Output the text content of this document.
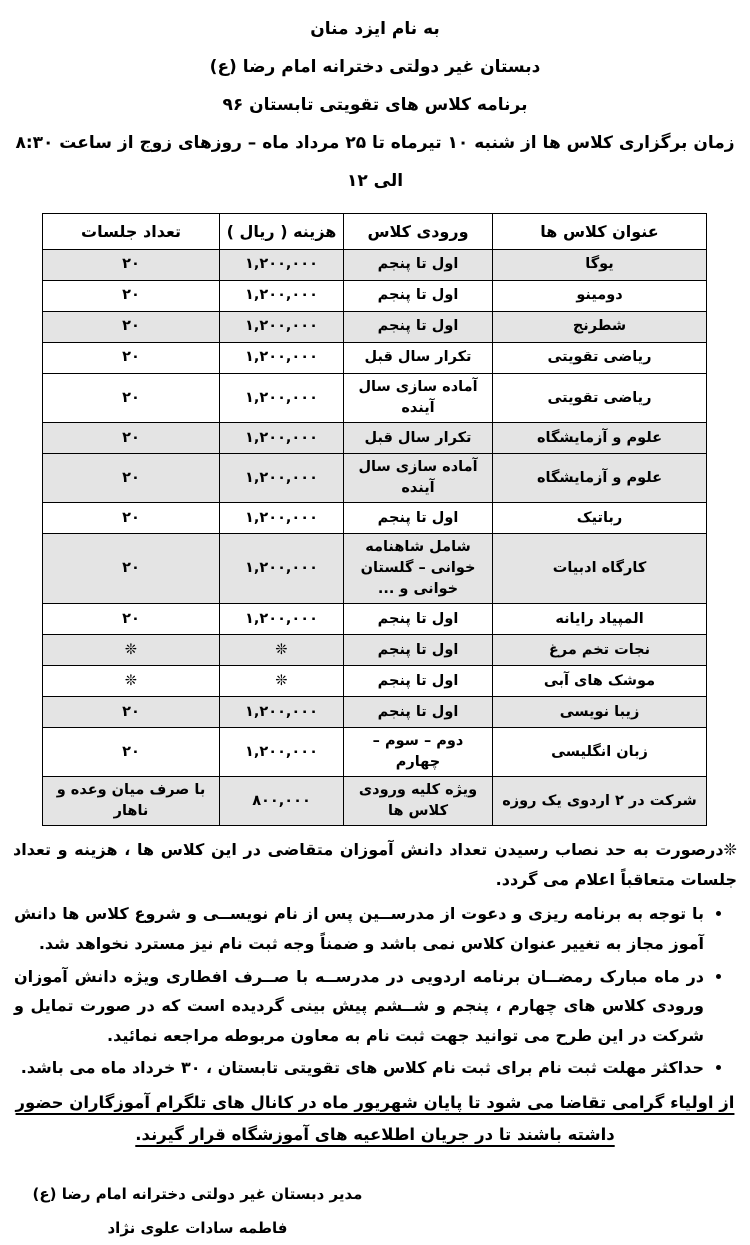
به نام ایزد منان
دبستان غیر دولتی دخترانه امام رضا (ع)
برنامه کلاس های تقویتی تابستان ۹۶
زمان برگزاری کلاس ها از شنبه ۱۰ تیرماه تا ۲۵ مرداد ماه – روزهای زوج از ساعت ۸:۳۰ الی ۱۲
عنوان کلاس ها	ورودی کلاس	هزینه ( ریال )	تعداد جلسات
یوگا	اول تا پنجم	۱,۲۰۰,۰۰۰	۲۰
دومینو	اول تا پنجم	۱,۲۰۰,۰۰۰	۲۰
شطرنج	اول تا پنجم	۱,۲۰۰,۰۰۰	۲۰
ریاضی تقویتی	تکرار سال قبل	۱,۲۰۰,۰۰۰	۲۰
ریاضی تقویتی	آماده سازی سال آینده	۱,۲۰۰,۰۰۰	۲۰
علوم و آزمایشگاه	تکرار سال قبل	۱,۲۰۰,۰۰۰	۲۰
علوم و آزمایشگاه	آماده سازی سال آینده	۱,۲۰۰,۰۰۰	۲۰
رباتیک	اول تا پنجم	۱,۲۰۰,۰۰۰	۲۰
کارگاه ادبیات	شامل شاهنامه خوانی – گلستان خوانی و ...	۱,۲۰۰,۰۰۰	۲۰
المپیاد رایانه	اول تا پنجم	۱,۲۰۰,۰۰۰	۲۰
نجات تخم مرغ	اول تا پنجم	❊	❊
موشک های آبی	اول تا پنجم	❊	❊
زیبا نویسی	اول تا پنجم	۱,۲۰۰,۰۰۰	۲۰
زبان انگلیسی	دوم – سوم – چهارم	۱,۲۰۰,۰۰۰	۲۰
شرکت در ۲ اردوی یک روزه	ویژه کلیه ورودی کلاس ها	۸۰۰,۰۰۰	با صرف میان وعده و ناهار

❊درصورت به حد نصاب رسیدن تعداد دانش آموزان متقاضی در این کلاس ها ، هزینه و تعداد جلسات متعاقباً اعلام می گردد.

• با توجه به برنامه ریزی و دعوت از مدرســین پس از نام نویســی و شروع کلاس ها دانش آموز مجاز به تغییر عنوان کلاس نمی باشد و ضمناً وجه ثبت نام نیز مسترد نخواهد شد.
• در ماه مبارک رمضــان برنامه اردویی در مدرســه با صــرف افطاری ویژه دانش آموزان ورودی کلاس های چهارم ، پنجم و شــشم پیش بینی گردیده است که در صورت تمایل و شرکت در این طرح می توانید جهت ثبت نام به معاون مربوطه مراجعه نمائید.
• حداکثر مهلت ثبت نام برای ثبت نام کلاس های تقویتی تابستان ، ۳۰ خرداد ماه می باشد.

از اولیاء گرامی تقاضا می شود تا پایان شهریور ماه در کانال های تلگرام آموزگاران حضور داشته باشند تا در جریان اطلاعیه های آموزشگاه قرار گیرند.

مدیر دبستان غیر دولتی دخترانه امام رضا (ع)
فاطمه سادات علوی نژاد
